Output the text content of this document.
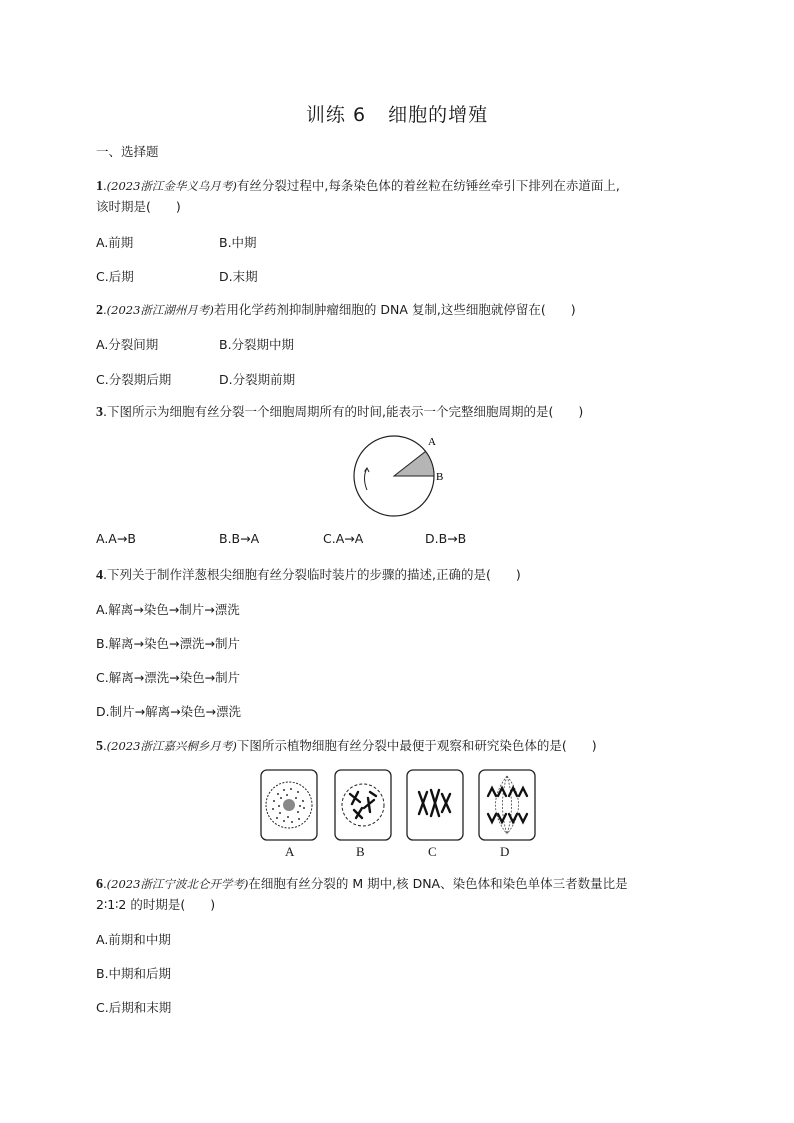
训练 6 细胞的增殖
一、选择题
1.(2023浙江金华义乌月考)有丝分裂过程中,每条染色体的着丝粒在纺锤丝牵引下排列在赤道面上,
该时期是(　　)
A.前期	B.中期
C.后期	D.末期
2.(2023浙江湖州月考)若用化学药剂抑制肿瘤细胞的 DNA 复制,这些细胞就停留在(　　)
A.分裂间期	B.分裂期中期
C.分裂期后期	D.分裂期前期
3.下图所示为细胞有丝分裂一个细胞周期所有的时间,能表示一个完整细胞周期的是(　　)
A
B
A.A→B	B.B→A	C.A→A	D.B→B
4.下列关于制作洋葱根尖细胞有丝分裂临时装片的步骤的描述,正确的是(　　)
A.解离→染色→制片→漂洗
B.解离→染色→漂洗→制片
C.解离→漂洗→染色→制片
D.制片→解离→染色→漂洗
5.(2023浙江嘉兴桐乡月考)下图所示植物细胞有丝分裂中最便于观察和研究染色体的是(　　)
A	B	C	D
6.(2023浙江宁波北仑开学考)在细胞有丝分裂的 M 期中,核 DNA、染色体和染色单体三者数量比是
2∶1∶2 的时期是(　　)
A.前期和中期
B.中期和后期
C.后期和末期
